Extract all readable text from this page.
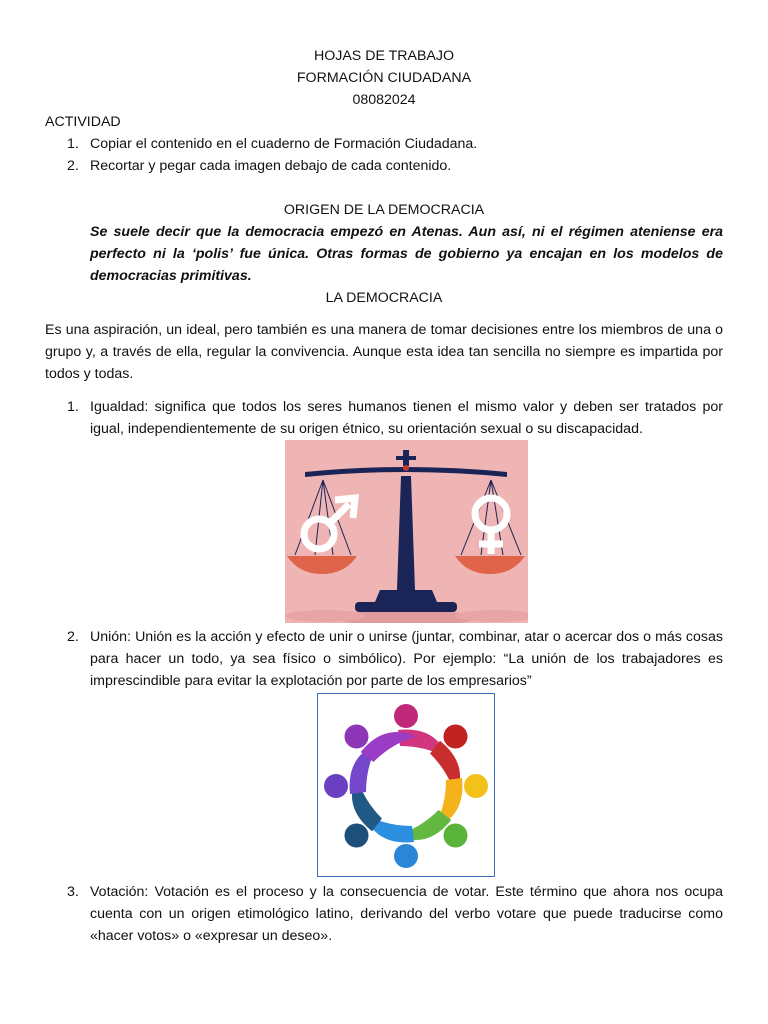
HOJAS DE TRABAJO
FORMACIÓN CIUDADANA
08082024
ACTIVIDAD
1. Copiar el contenido en el cuaderno de Formación Ciudadana.
2. Recortar y pegar cada imagen debajo de cada contenido.
ORIGEN DE LA DEMOCRACIA
Se suele decir que la democracia empezó en Atenas. Aun así, ni el régimen ateniense era perfecto ni la ‘polis’ fue única. Otras formas de gobierno ya encajan en los modelos de democracias primitivas.
LA DEMOCRACIA
Es una aspiración, un ideal, pero también es una manera de tomar decisiones entre los miembros de una o grupo y, a través de ella, regular la convivencia. Aunque esta idea tan sencilla no siempre es impartida por todos y todas.
1. Igualdad: significa que todos los seres humanos tienen el mismo valor y deben ser tratados por igual, independientemente de su origen étnico, su orientación sexual o su discapacidad.
2. Unión: Unión es la acción y efecto de unir o unirse (juntar, combinar, atar o acercar dos o más cosas para hacer un todo, ya sea físico o simbólico). Por ejemplo: “La unión de los trabajadores es imprescindible para evitar la explotación por parte de los empresarios”
3. Votación: Votación es el proceso y la consecuencia de votar. Este término que ahora nos ocupa cuenta con un origen etimológico latino, derivando del verbo votare que puede traducirse como «hacer votos» o «expresar un deseo».
